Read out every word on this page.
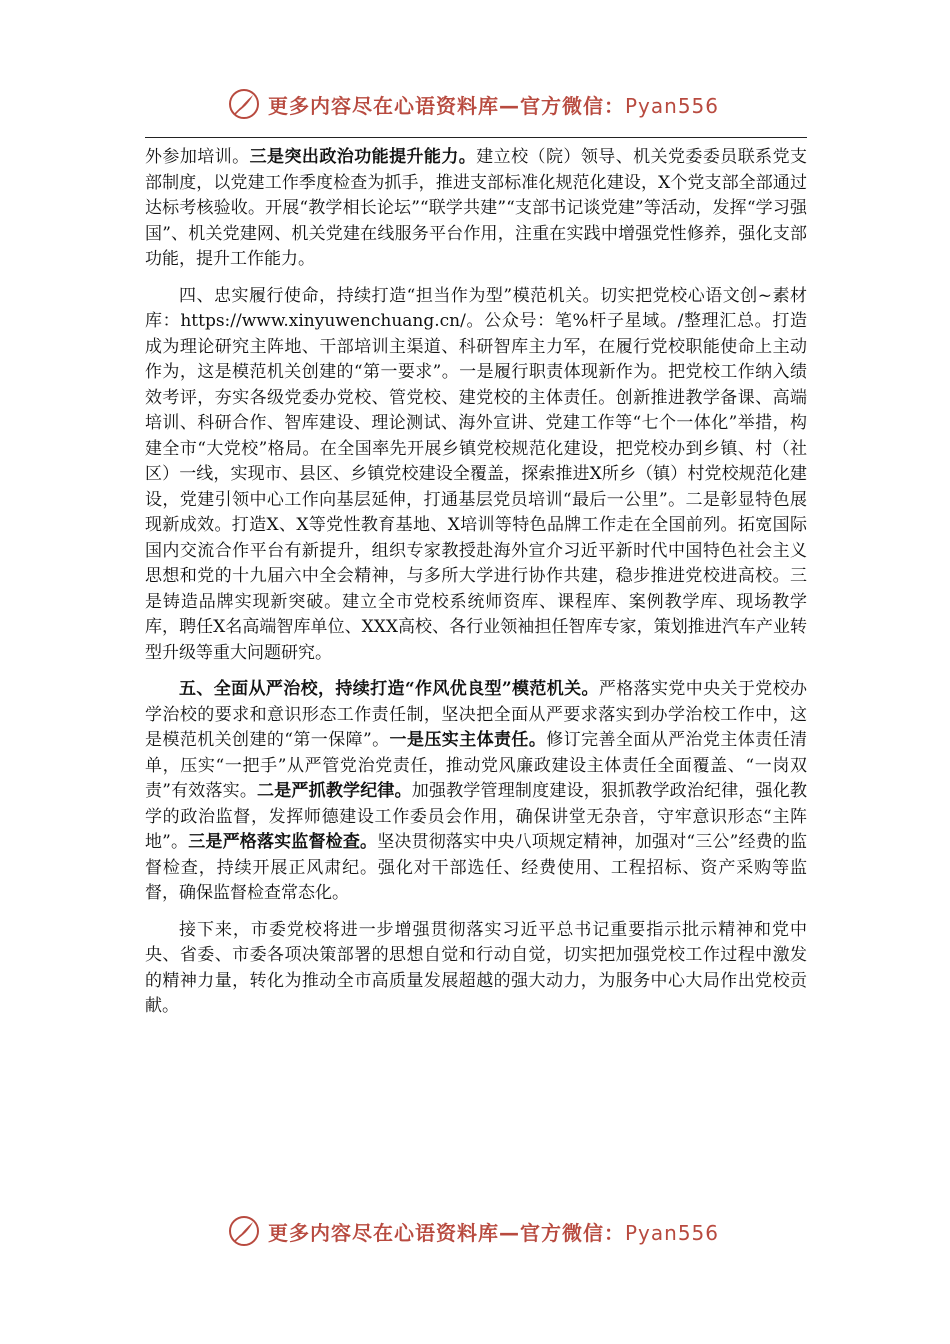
更多内容尽在心语资料库—官方微信：Pyan556

外参加培训。三是突出政治功能提升能力。建立校（院）领导、机关党委委员联系党支部制度，以党建工作季度检查为抓手，推进支部标准化规范化建设，X个党支部全部通过达标考核验收。开展“教学相长论坛”“联学共建”“支部书记谈党建”等活动，发挥“学习强国”、机关党建网、机关党建在线服务平台作用，注重在实践中增强党性修养，强化支部功能，提升工作能力。

四、忠实履行使命，持续打造“担当作为型”模范机关。切实把党校心语文创~素材库：https://www.xinyuwenchuang.cn/。公众号：笔%杆子星域。/整理汇总。打造成为理论研究主阵地、干部培训主渠道、科研智库主力军，在履行党校职能使命上主动作为，这是模范机关创建的“第一要求”。一是履行职责体现新作为。把党校工作纳入绩效考评，夯实各级党委办党校、管党校、建党校的主体责任。创新推进教学备课、高端培训、科研合作、智库建设、理论测试、海外宣讲、党建工作等“七个一体化”举措，构建全市“大党校”格局。在全国率先开展乡镇党校规范化建设，把党校办到乡镇、村（社区）一线，实现市、县区、乡镇党校建设全覆盖，探索推进X所乡（镇）村党校规范化建设，党建引领中心工作向基层延伸，打通基层党员培训“最后一公里”。二是彰显特色展现新成效。打造X、X等党性教育基地、X培训等特色品牌工作走在全国前列。拓宽国际国内交流合作平台有新提升，组织专家教授赴海外宣介习近平新时代中国特色社会主义思想和党的十九届六中全会精神，与多所大学进行协作共建，稳步推进党校进高校。三是铸造品牌实现新突破。建立全市党校系统师资库、课程库、案例教学库、现场教学库，聘任X名高端智库单位、XXX高校、各行业领袖担任智库专家，策划推进汽车产业转型升级等重大问题研究。

五、全面从严治校，持续打造“作风优良型”模范机关。严格落实党中央关于党校办学治校的要求和意识形态工作责任制，坚决把全面从严要求落实到办学治校工作中，这是模范机关创建的“第一保障”。一是压实主体责任。修订完善全面从严治党主体责任清单，压实“一把手”从严管党治党责任，推动党风廉政建设主体责任全面覆盖、“一岗双责”有效落实。二是严抓教学纪律。加强教学管理制度建设，狠抓教学政治纪律，强化教学的政治监督，发挥师德建设工作委员会作用，确保讲堂无杂音，守牢意识形态“主阵地”。三是严格落实监督检查。坚决贯彻落实中央八项规定精神，加强对“三公”经费的监督检查，持续开展正风肃纪。强化对干部选任、经费使用、工程招标、资产采购等监督，确保监督检查常态化。

接下来，市委党校将进一步增强贯彻落实习近平总书记重要指示批示精神和党中央、省委、市委各项决策部署的思想自觉和行动自觉，切实把加强党校工作过程中激发的精神力量，转化为推动全市高质量发展超越的强大动力，为服务中心大局作出党校贡献。

更多内容尽在心语资料库—官方微信：Pyan556
